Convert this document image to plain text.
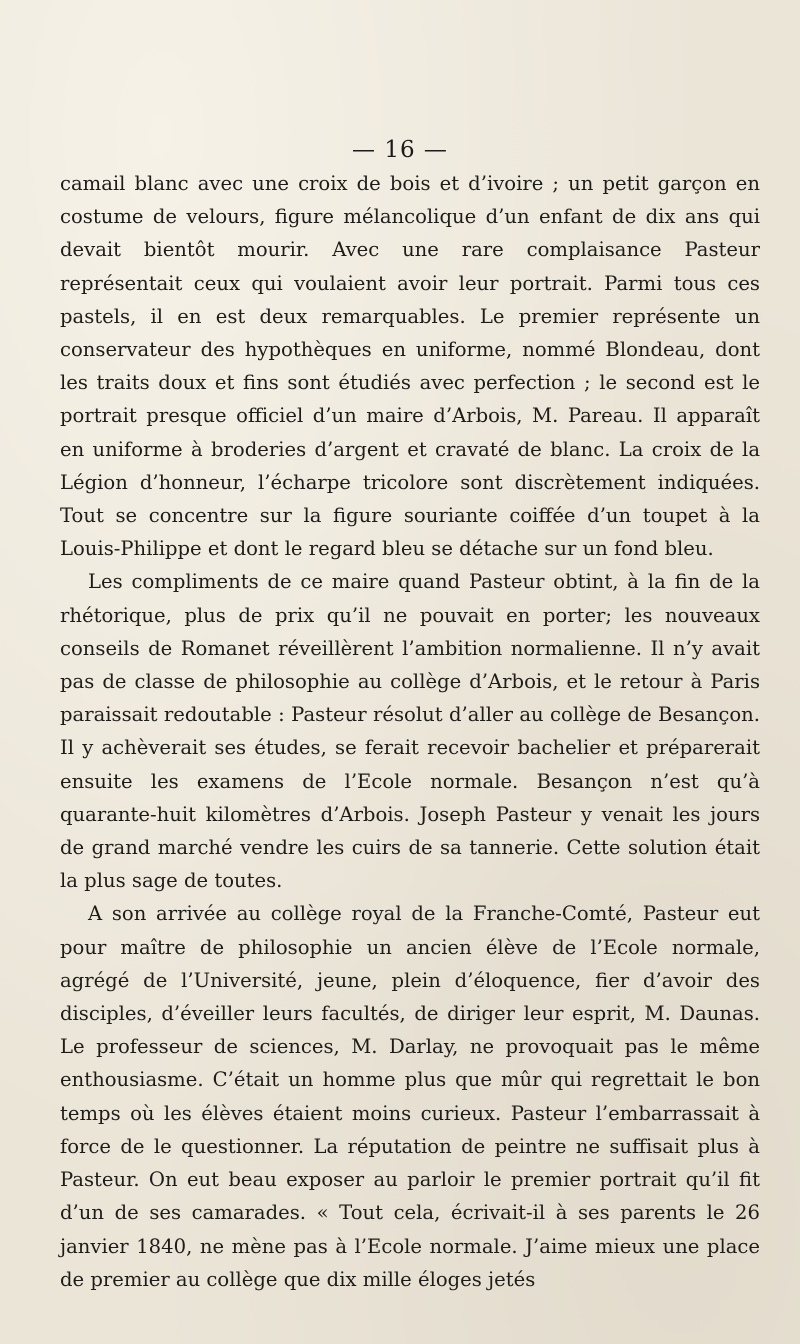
— 16 —

camail blanc avec une croix de bois et d’ivoire ; un petit garçon en costume de velours, figure mélancolique d’un enfant de dix ans qui devait bientôt mourir. Avec une rare complaisance Pasteur représentait ceux qui voulaient avoir leur portrait. Parmi tous ces pastels, il en est deux remarquables. Le premier représente un conservateur des hypothèques en uniforme, nommé Blondeau, dont les traits doux et fins sont étudiés avec perfection ; le second est le portrait presque officiel d’un maire d’Arbois, M. Pareau. Il apparaît en uniforme à broderies d’argent et cravaté de blanc. La croix de la Légion d’honneur, l’écharpe tricolore sont discrètement indiquées. Tout se concentre sur la figure souriante coiffée d’un toupet à la Louis-Philippe et dont le regard bleu se détache sur un fond bleu.

Les compliments de ce maire quand Pasteur obtint, à la fin de la rhétorique, plus de prix qu’il ne pouvait en porter; les nouveaux conseils de Romanet réveillèrent l’ambition normalienne. Il n’y avait pas de classe de philosophie au collège d’Arbois, et le retour à Paris paraissait redoutable : Pasteur résolut d’aller au collège de Besançon. Il y achèverait ses études, se ferait recevoir bachelier et préparerait ensuite les examens de l’Ecole normale. Besançon n’est qu’à quarante-huit kilomètres d’Arbois. Joseph Pasteur y venait les jours de grand marché vendre les cuirs de sa tannerie. Cette solution était la plus sage de toutes.

A son arrivée au collège royal de la Franche-Comté, Pasteur eut pour maître de philosophie un ancien élève de l’Ecole normale, agrégé de l’Université, jeune, plein d’éloquence, fier d’avoir des disciples, d’éveiller leurs facultés, de diriger leur esprit, M. Daunas. Le professeur de sciences, M. Darlay, ne provoquait pas le même enthousiasme. C’était un homme plus que mûr qui regrettait le bon temps où les élèves étaient moins curieux. Pasteur l’embarrassait à force de le questionner. La réputation de peintre ne suffisait plus à Pasteur. On eut beau exposer au parloir le premier portrait qu’il fit d’un de ses camarades. « Tout cela, écrivait-il à ses parents le 26 janvier 1840, ne mène pas à l’Ecole normale. J’aime mieux une place de premier au collège que dix mille éloges jetés
